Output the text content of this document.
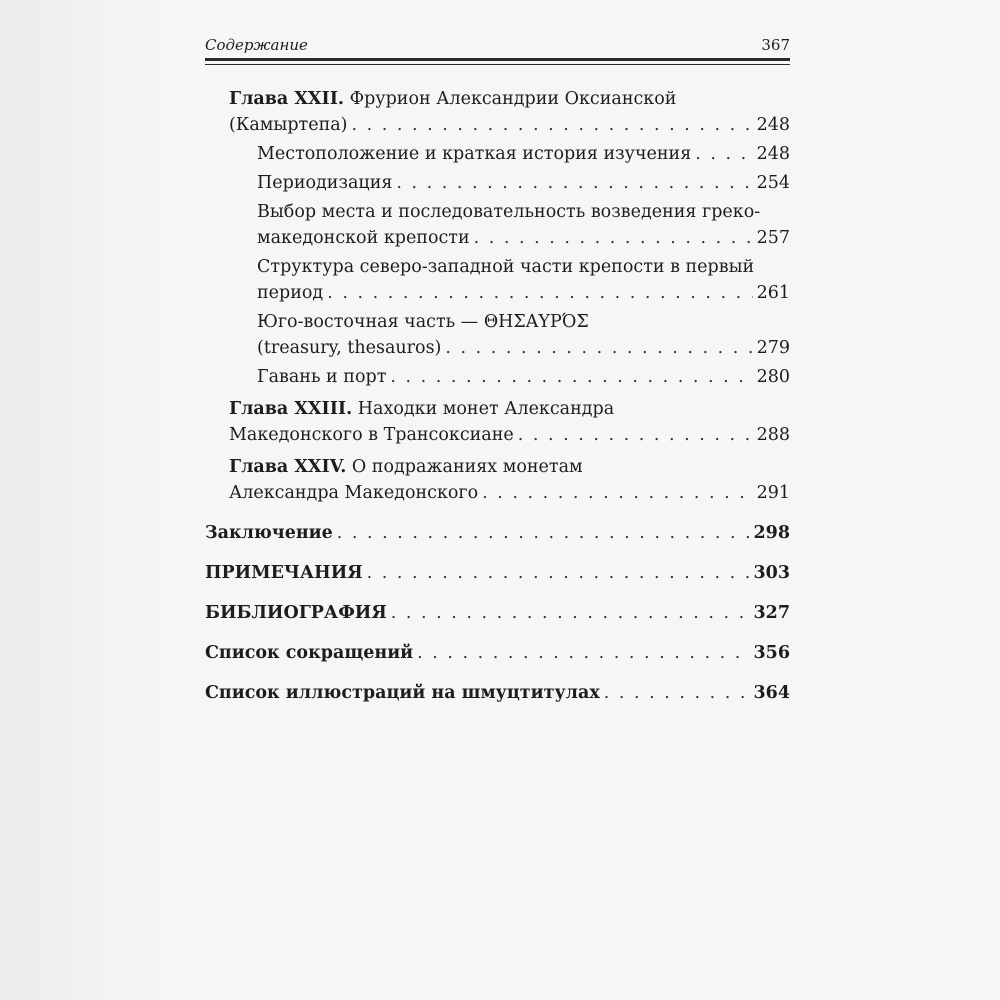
Содержание	367
Глава XXII. Фрурион Александрии Оксианской
(Камыртепа) . . .	248
Местоположение и краткая история изучения . . .	248
Периодизация . . .	254
Выбор места и последовательность возведения греко-
македонской крепости . . .	257
Структура северо-западной части крепости в первый
период . . .	261
Юго-восточная часть — ΘΗΣΑΥΡΌΣ
(treasury, thesauros) . . .	279
Гавань и порт . . .	280
Глава XXIII. Находки монет Александра
Македонского в Трансоксиане . . .	288
Глава XXIV. О подражаниях монетам
Александра Македонского . . .	291
Заключение . . .	298
ПРИМЕЧАНИЯ . . .	303
БИБЛИОГРАФИЯ . . .	327
Список сокращений . . .	356
Список иллюстраций на шмуцтитулах . . .	364
